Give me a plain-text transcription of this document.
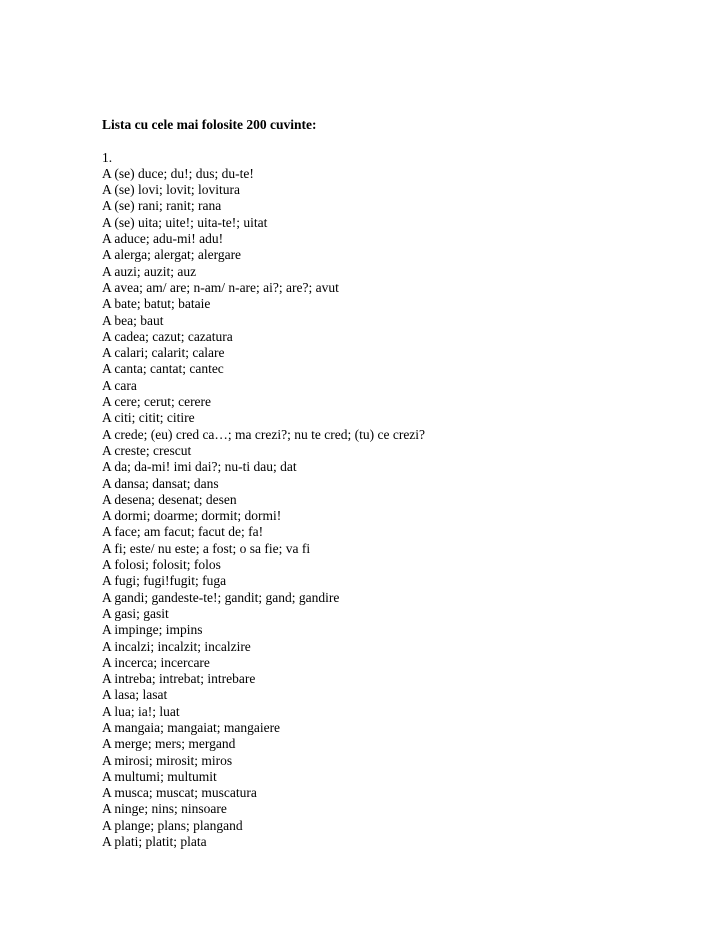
Lista cu cele mai folosite 200 cuvinte:

1.

A (se) duce; du!; dus; du-te!
A (se) lovi; lovit; lovitura
A (se) rani; ranit; rana
A (se) uita; uite!; uita-te!; uitat
A aduce; adu-mi! adu!
A alerga; alergat; alergare
A auzi; auzit; auz
A avea; am/ are; n-am/ n-are; ai?; are?; avut
A bate; batut; bataie
A bea; baut
A cadea; cazut; cazatura
A calari; calarit; calare
A canta; cantat; cantec
A cara
A cere; cerut; cerere
A citi; citit; citire
A crede; (eu) cred ca…; ma crezi?; nu te cred; (tu) ce crezi?
A creste; crescut
A da; da-mi! imi dai?; nu-ti dau; dat
A dansa; dansat; dans
A desena; desenat; desen
A dormi; doarme; dormit; dormi!
A face; am facut; facut de; fa!
A fi; este/ nu este; a fost; o sa fie; va fi
A folosi; folosit; folos
A fugi; fugi!fugit; fuga
A gandi; gandeste-te!; gandit; gand; gandire
A gasi; gasit
A impinge; impins
A incalzi; incalzit; incalzire
A incerca; incercare
A intreba; intrebat; intrebare
A lasa; lasat
A lua; ia!; luat
A mangaia; mangaiat; mangaiere
A merge; mers; mergand
A mirosi; mirosit; miros
A multumi; multumit
A musca; muscat; muscatura
A ninge; nins; ninsoare
A plange; plans; plangand
A plati; platit; plata
